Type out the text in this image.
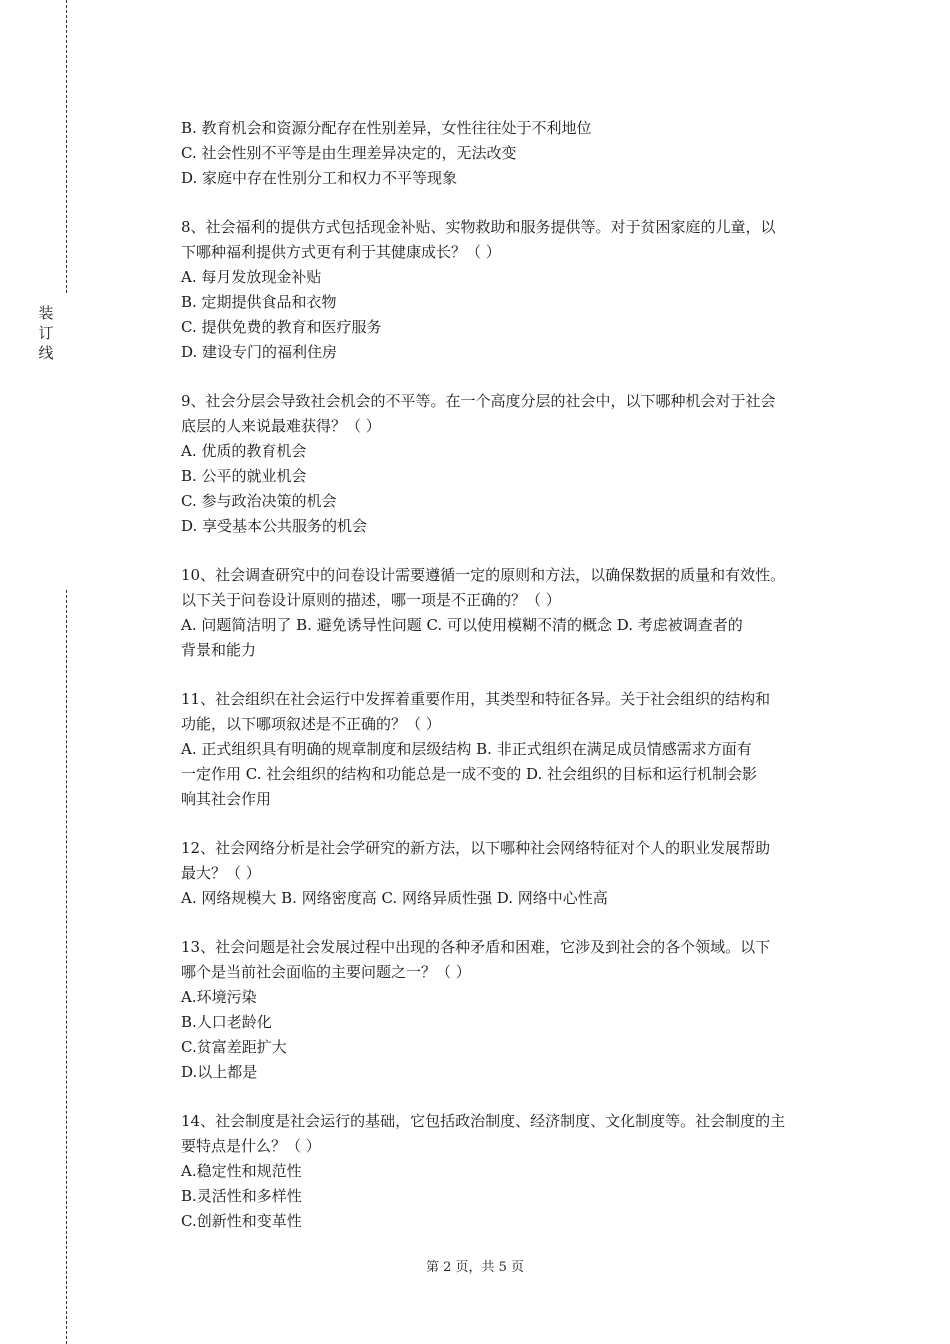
装
订
线
B. 教育机会和资源分配存在性别差异，女性往往处于不利地位
C. 社会性别不平等是由生理差异决定的，无法改变
D. 家庭中存在性别分工和权力不平等现象
8、社会福利的提供方式包括现金补贴、实物救助和服务提供等。对于贫困家庭的儿童，以
下哪种福利提供方式更有利于其健康成长？（ ）
A. 每月发放现金补贴
B. 定期提供食品和衣物
C. 提供免费的教育和医疗服务
D. 建设专门的福利住房
9、社会分层会导致社会机会的不平等。在一个高度分层的社会中，以下哪种机会对于社会
底层的人来说最难获得？（ ）
A. 优质的教育机会
B. 公平的就业机会
C. 参与政治决策的机会
D. 享受基本公共服务的机会
10、社会调查研究中的问卷设计需要遵循一定的原则和方法，以确保数据的质量和有效性。
以下关于问卷设计原则的描述，哪一项是不正确的？（ ）
A. 问题简洁明了 B. 避免诱导性问题 C. 可以使用模糊不清的概念 D. 考虑被调查者的
背景和能力
11、社会组织在社会运行中发挥着重要作用，其类型和特征各异。关于社会组织的结构和
功能，以下哪项叙述是不正确的？（ ）
A. 正式组织具有明确的规章制度和层级结构 B. 非正式组织在满足成员情感需求方面有
一定作用 C. 社会组织的结构和功能总是一成不变的 D. 社会组织的目标和运行机制会影
响其社会作用
12、社会网络分析是社会学研究的新方法，以下哪种社会网络特征对个人的职业发展帮助
最大？（ ）
A. 网络规模大 B. 网络密度高 C. 网络异质性强 D. 网络中心性高
13、社会问题是社会发展过程中出现的各种矛盾和困难，它涉及到社会的各个领域。以下
哪个是当前社会面临的主要问题之一？（ ）
A.环境污染
B.人口老龄化
C.贫富差距扩大
D.以上都是
14、社会制度是社会运行的基础，它包括政治制度、经济制度、文化制度等。社会制度的主
要特点是什么？（ ）
A.稳定性和规范性
B.灵活性和多样性
C.创新性和变革性
第 2 页，共 5 页
